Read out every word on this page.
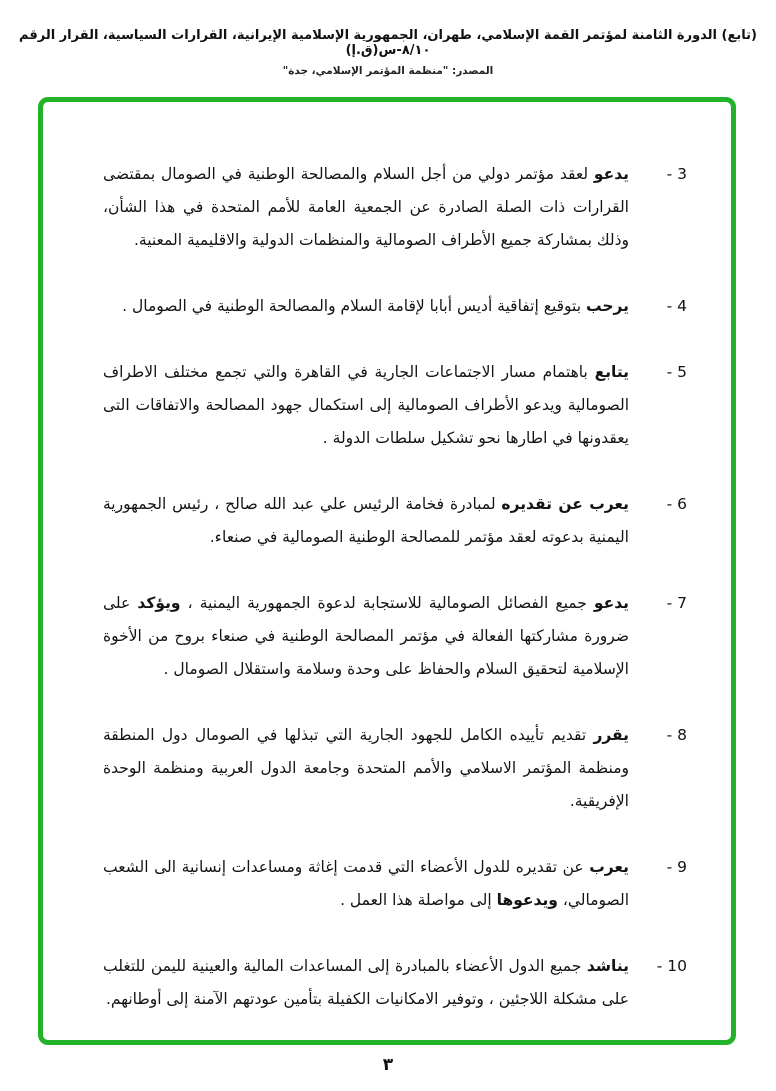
(تابع) الدورة الثامنة لمؤتمر القمة الإسلامي، طهران، الجمهورية الإسلامية الإيرانية، القرارات السياسية، القرار الرقم ٨/١٠-س(ق.إ)
المصدر: "منظمة المؤتمر الإسلامي، جدة"
3 -
يدعو لعقد مؤتمر دولي من أجل السلام والمصالحة الوطنية في الصومال بمقتضى القرارات ذات الصلة الصادرة عن الجمعية العامة للأمم المتحدة في هذا الشأن، وذلك بمشاركة جميع الأطراف الصومالية والمنظمات الدولية والاقليمية المعنية.
4 -
يرحب بتوقيع إتفاقية أديس أبابا لإقامة السلام والمصالحة الوطنية في الصومال .
5 -
يتابع باهتمام مسار الاجتماعات الجارية في القاهرة والتي تجمع مختلف الاطراف الصومالية ويدعو الأطراف الصومالية إلى استكمال جهود المصالحة والاتفاقات التى يعقدونها في اطارها نحو تشكيل سلطات الدولة .
6 -
يعرب عن تقديره لمبادرة فخامة الرئيس علي عبد الله صالح ، رئيس الجمهورية اليمنية بدعوته لعقد مؤتمر للمصالحة الوطنية الصومالية في صنعاء.
7 -
يدعو جميع الفصائل الصومالية للاستجابة لدعوة الجمهورية اليمنية ، ويؤكد على ضرورة مشاركتها الفعالة في مؤتمر المصالحة الوطنية في صنعاء بروح من الأخوة الإسلامية لتحقيق السلام والحفاظ على وحدة وسلامة واستقلال الصومال .
8 -
يقرر تقديم تأييده الكامل للجهود الجارية التي تبذلها في الصومال دول المنطقة ومنظمة المؤتمر الاسلامي والأمم المتحدة وجامعة الدول العربية ومنظمة الوحدة الإفريقية.
9 -
يعرب عن تقديره للدول الأعضاء التي قدمت إغاثة ومساعدات إنسانية الى الشعب الصومالي، ويدعوها إلى مواصلة هذا العمل .
10 -
يناشد جميع الدول الأعضاء بالمبادرة إلى المساعدات المالية والعينية لليمن للتغلب على مشكلة اللاجئين ، وتوفير الامكانيات الكفيلة بتأمين عودتهم الآمنة إلى أوطانهم.
٣
